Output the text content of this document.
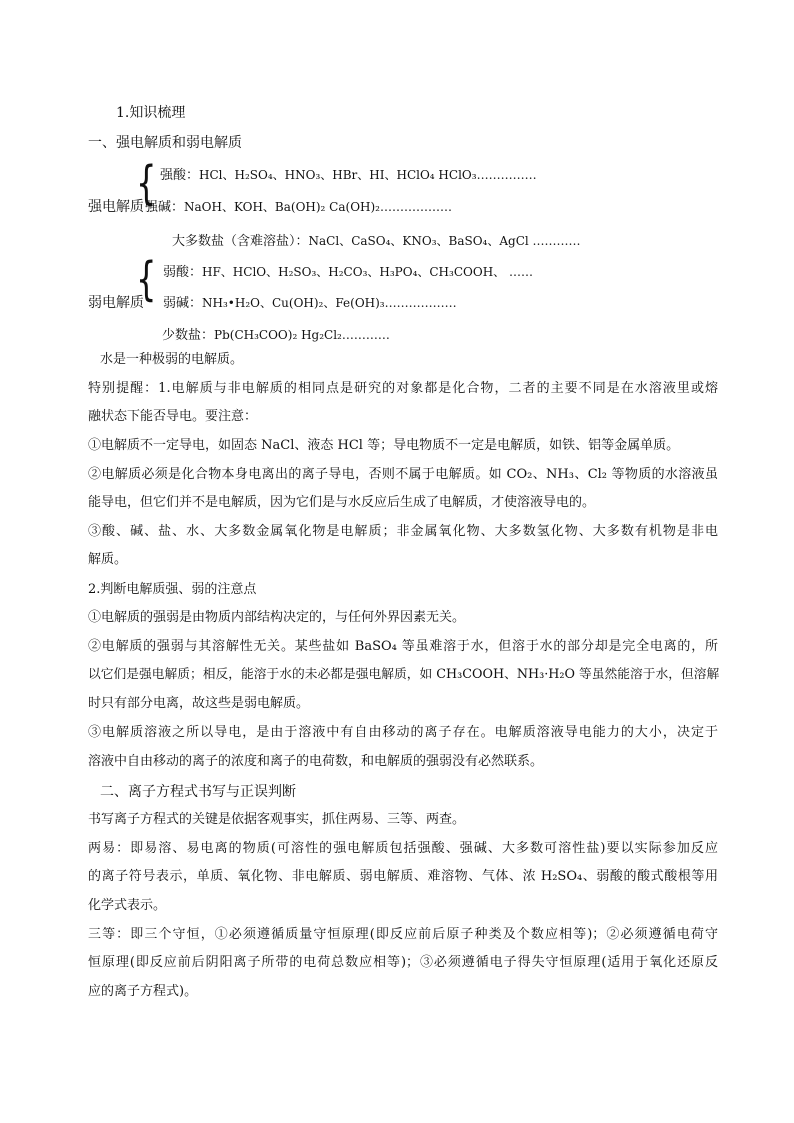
1.知识梳理
一、强电解质和弱电解质
{ 强酸：HCl、H₂SO₄、HNO₃、HBr、HI、HClO₄ HClO₃……………
强电解质 强碱：NaOH、KOH、Ba(OH)₂ Ca(OH)₂………………
大多数盐（含难溶盐）：NaCl、CaSO₄、KNO₃、BaSO₄、AgCl …………
{ 弱酸：HF、HClO、H₂SO₃、H₂CO₃、H₃PO₄、CH₃COOH、 ……
弱电解质 弱碱：NH₃•H₂O、Cu(OH)₂、Fe(OH)₃………………
少数盐：Pb(CH₃COO)₂ Hg₂Cl₂…………
水是一种极弱的电解质。
特别提醒：1.电解质与非电解质的相同点是研究的对象都是化合物，二者的主要不同是在水溶液里或熔
融状态下能否导电。要注意：
①电解质不一定导电，如固态 NaCl、液态 HCl 等；导电物质不一定是电解质，如铁、铝等金属单质。
②电解质必须是化合物本身电离出的离子导电，否则不属于电解质。如 CO₂、NH₃、Cl₂ 等物质的水溶液虽
能导电，但它们并不是电解质，因为它们是与水反应后生成了电解质，才使溶液导电的。
③酸、碱、盐、水、大多数金属氧化物是电解质；非金属氧化物、大多数氢化物、大多数有机物是非电
解质。
2.判断电解质强、弱的注意点
①电解质的强弱是由物质内部结构决定的，与任何外界因素无关。
②电解质的强弱与其溶解性无关。某些盐如 BaSO₄ 等虽难溶于水，但溶于水的部分却是完全电离的，所
以它们是强电解质；相反，能溶于水的未必都是强电解质，如 CH₃COOH、NH₃·H₂O 等虽然能溶于水，但溶解
时只有部分电离，故这些是弱电解质。
③电解质溶液之所以导电，是由于溶液中有自由移动的离子存在。电解质溶液导电能力的大小，决定于
溶液中自由移动的离子的浓度和离子的电荷数，和电解质的强弱没有必然联系。
二、离子方程式书写与正误判断
书写离子方程式的关键是依据客观事实，抓住两易、三等、两查。
两易：即易溶、易电离的物质(可溶性的强电解质包括强酸、强碱、大多数可溶性盐)要以实际参加反应
的离子符号表示，单质、氧化物、非电解质、弱电解质、难溶物、气体、浓 H₂SO₄、弱酸的酸式酸根等用
化学式表示。
三等：即三个守恒，①必须遵循质量守恒原理(即反应前后原子种类及个数应相等)；②必须遵循电荷守
恒原理(即反应前后阴阳离子所带的电荷总数应相等)；③必须遵循电子得失守恒原理(适用于氧化还原反
应的离子方程式)。
